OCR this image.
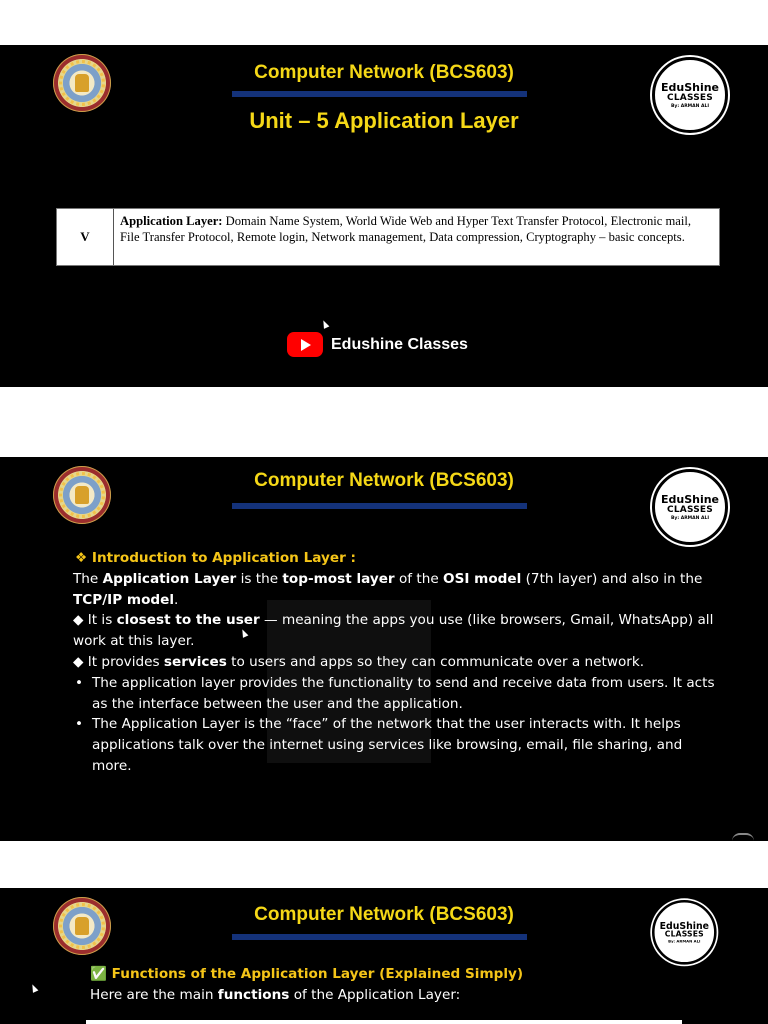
Computer Network (BCS603)
Unit – 5 Application Layer
EduShine
CLASSES
By: ARMAN ALI
V
Application Layer: Domain Name System, World Wide Web and Hyper Text Transfer Protocol, Electronic mail, File Transfer Protocol, Remote login, Network management, Data compression, Cryptography – basic concepts.
Edushine Classes
Computer Network (BCS603)
EduShine
CLASSES
By: ARMAN ALI
❖ Introduction to Application Layer :

The Application Layer is the top-most layer of the OSI model (7th layer) and also in the TCP/IP model.

◆ It is closest to the user — meaning the apps you use (like browsers, Gmail, WhatsApp) all work at this layer.

◆ It provides services to users and apps so they can communicate over a network.

• The application layer provides the functionality to send and receive data from users. It acts as the interface between the user and the application.
• The Application Layer is the “face” of the network that the user interacts with. It helps applications talk over the internet using services like browsing, email, file sharing, and more.
Computer Network (BCS603)
EduShine
CLASSES
By: ARMAN ALI
✅ Functions of the Application Layer (Explained Simply)
Here are the main functions of the Application Layer:
